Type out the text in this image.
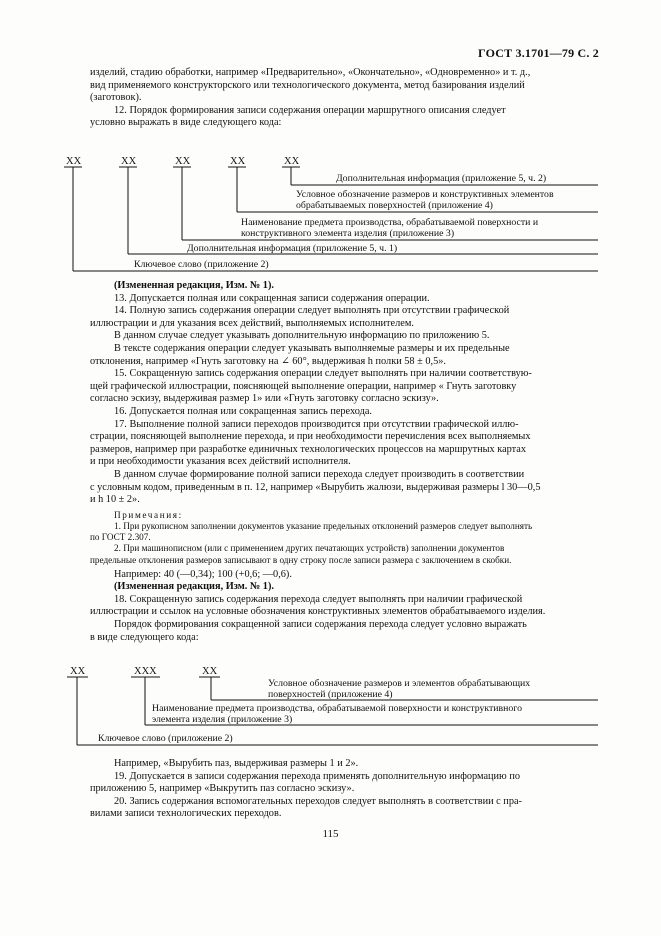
ГОСТ 3.1701—79 С. 2

изделий, стадию обработки, например «Предварительно», «Окончательно», «Одновременно» и т. д.,

вид применяемого конструкторского или технологического документа, метод базирования изделий

(заготовок).

12. Порядок формирования записи содержания операции маршрутного описания следует

условно выражать в виде следующего кода:

ХХ	ХХ	ХХ	ХХ	ХХ
Дополнительная информация (приложение 5, ч. 2)
Условное обозначение размеров и конструктивных элементов
обрабатываемых поверхностей (приложение 4)
Наименование предмета производства, обрабатываемой поверхности и
конструктивного элемента изделия (приложение 3)
Дополнительная информация (приложение 5, ч. 1)
Ключевое слово (приложение 2)

(Измененная редакция, Изм. № 1).

13. Допускается полная или сокращенная записи содержания операции.

14. Полную запись содержания операции следует выполнять при отсутствии графической

иллюстрации и для указания всех действий, выполняемых исполнителем.

В данном случае следует указывать дополнительную информацию по приложению 5.

В тексте содержания операции следует указывать выполняемые размеры и их предельные

отклонения, например «Гнуть заготовку на ∠ 60°, выдерживая h полки 58 ± 0,5».

15. Сокращенную запись содержания операции следует выполнять при наличии соответствую-

щей графической иллюстрации, поясняющей выполнение операции, например « Гнуть заготовку

согласно эскизу, выдерживая размер 1» или «Гнуть заготовку согласно эскизу».

16. Допускается полная или сокращенная запись перехода.

17. Выполнение полной записи переходов производится при отсутствии графической иллю-

страции, поясняющей выполнение перехода, и при необходимости перечисления всех выполняемых

размеров, например при разработке единичных технологических процессов на маршрутных картах

и при необходимости указания всех действий исполнителя.

В данном случае формирование полной записи перехода следует производить в соответствии

с условным кодом, приведенным в п. 12, например «Вырубить жалюзи, выдерживая размеры l 30—0,5

и h 10 ± 2».

Примечания:

1. При рукописном заполнении документов указание предельных отклонений размеров следует выполнять

по ГОСТ 2.307.

2. При машинописном (или с применением других печатающих устройств) заполнении документов

предельные отклонения размеров записывают в одну строку после записи размера с заключением в скобки.

Например: 40 (—0,34); 100 (+0,6; —0,6).

(Измененная редакция, Изм. № 1).

18. Сокращенную запись содержания перехода следует выполнять при наличии графической

иллюстрации и ссылок на условные обозначения конструктивных элементов обрабатываемого изделия.

Порядок формирования сокращенной записи содержания перехода следует условно выражать

в виде следующего кода:

ХХ	ХХХ	ХХ
Условное обозначение размеров и элементов обрабатывающих
поверхностей (приложение 4)
Наименование предмета производства, обрабатываемой поверхности и конструктивного
элемента изделия (приложение 3)
Ключевое слово (приложение 2)

Например, «Вырубить паз, выдерживая размеры 1 и 2».

19. Допускается в записи содержания перехода применять дополнительную информацию по

приложению 5, например «Выкрутить паз согласно эскизу».

20. Запись содержания вспомогательных переходов следует выполнять в соответствии с пра-

вилами записи технологических переходов.

115
